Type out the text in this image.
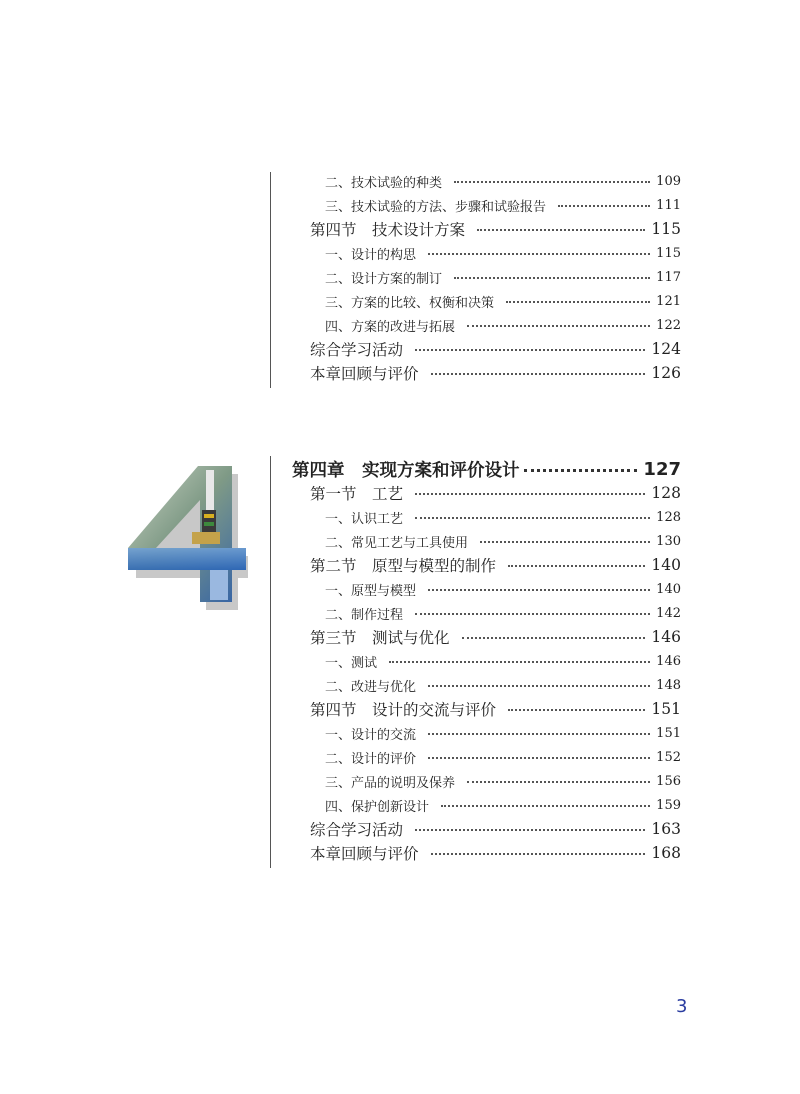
二、技术试验的种类	109
三、技术试验的方法、步骤和试验报告	111
第四节　技术设计方案	115
一、设计的构思	115
二、设计方案的制订	117
三、方案的比较、权衡和决策	121
四、方案的改进与拓展	122
综合学习活动	124
本章回顾与评价	126
第四章　实现方案和评价设计	127
第一节　工艺	128
一、认识工艺	128
二、常见工艺与工具使用	130
第二节　原型与模型的制作	140
一、原型与模型	140
二、制作过程	142
第三节　测试与优化	146
一、测试	146
二、改进与优化	148
第四节　设计的交流与评价	151
一、设计的交流	151
二、设计的评价	152
三、产品的说明及保养	156
四、保护创新设计	159
综合学习活动	163
本章回顾与评价	168
3
